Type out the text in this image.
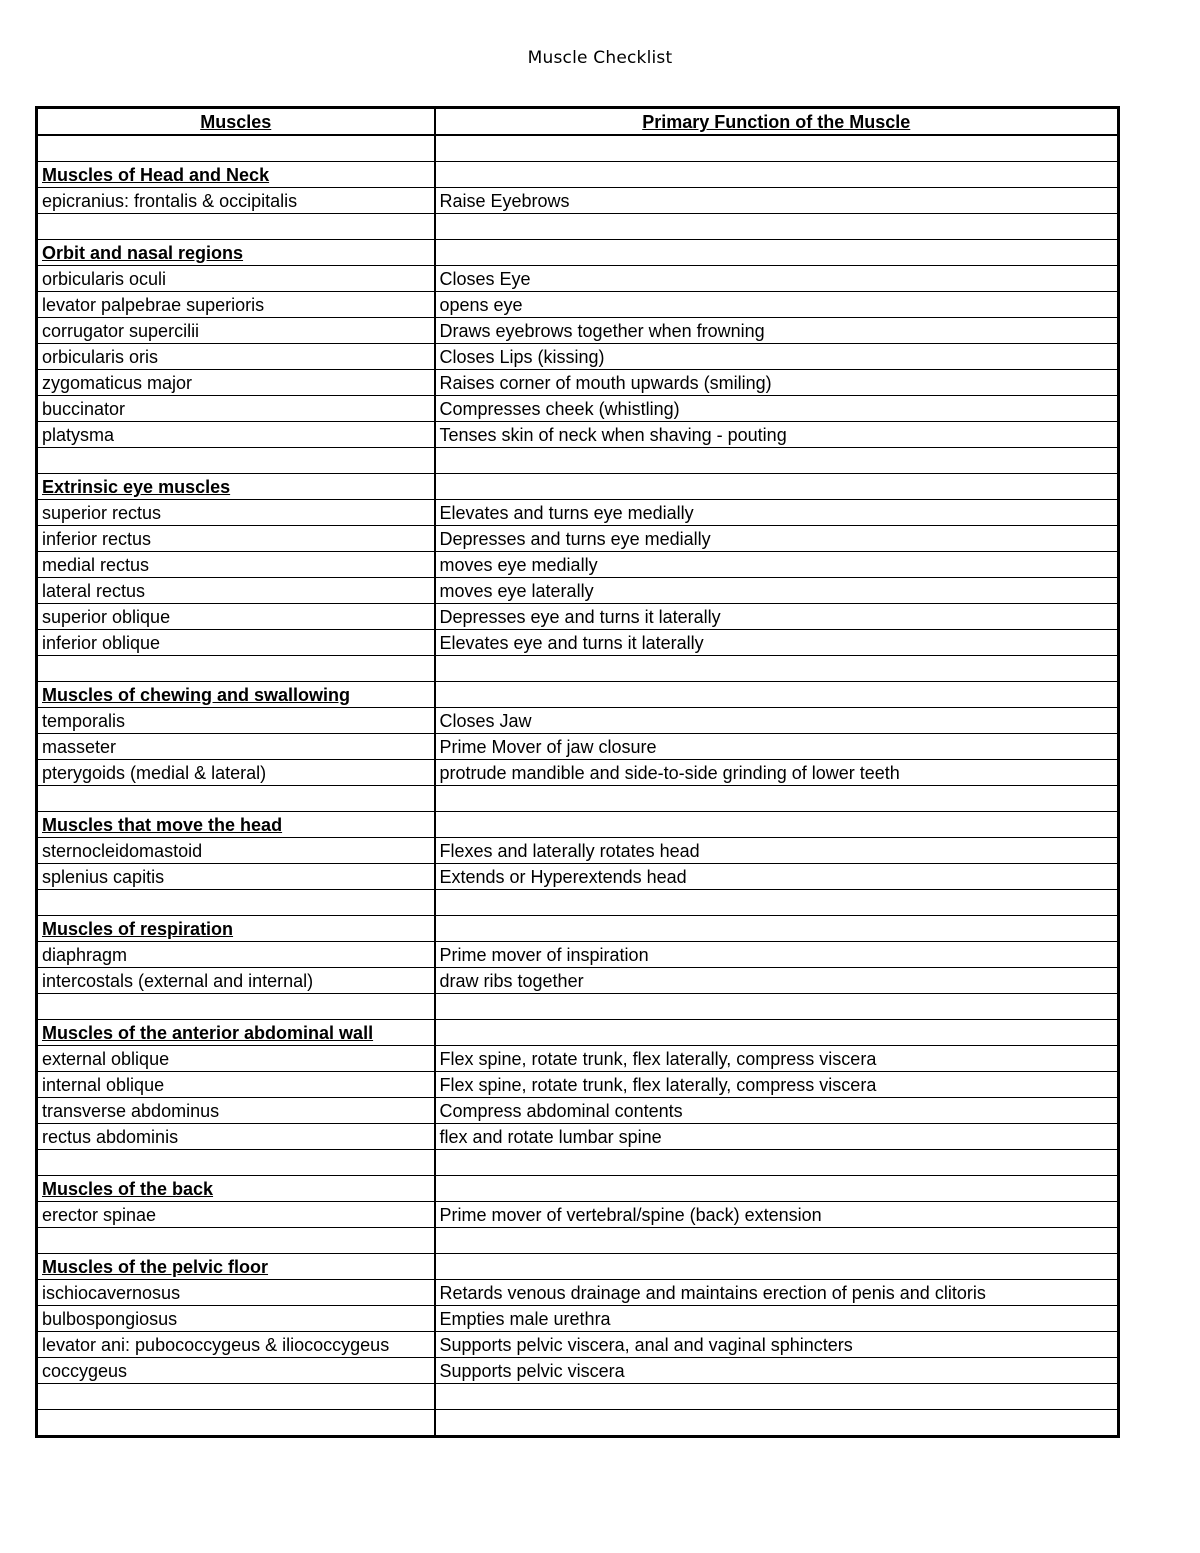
Muscle Checklist
Muscles	Primary Function of the Muscle

Muscles of Head and Neck	
epicranius: frontalis & occipitalis	Raise Eyebrows

Orbit and nasal regions	
orbicularis oculi	Closes Eye
levator palpebrae superioris	opens eye
corrugator supercilii	Draws eyebrows together when frowning
orbicularis oris	Closes Lips (kissing)
zygomaticus major	Raises corner of mouth upwards (smiling)
buccinator	Compresses cheek (whistling)
platysma	Tenses skin of neck when shaving - pouting

Extrinsic eye muscles	
superior rectus	Elevates and turns eye medially
inferior rectus	Depresses and turns eye medially
medial rectus	moves eye medially
lateral rectus	moves eye laterally
superior oblique	Depresses eye and turns it laterally
inferior oblique	Elevates eye and turns it laterally

Muscles of chewing and swallowing	
temporalis	Closes Jaw
masseter	Prime Mover of jaw closure
pterygoids (medial & lateral)	protrude mandible and side-to-side grinding of lower teeth

Muscles that move the head	
sternocleidomastoid	Flexes and laterally rotates head
splenius capitis	Extends or Hyperextends head

Muscles of respiration	
diaphragm	Prime mover of inspiration
intercostals (external and internal)	draw ribs together

Muscles of the anterior abdominal wall	
external oblique	Flex spine, rotate trunk, flex laterally, compress viscera
internal oblique	Flex spine, rotate trunk, flex laterally, compress viscera
transverse abdominus	Compress abdominal contents
rectus abdominis	flex and rotate lumbar spine

Muscles of the back	
erector spinae	Prime mover of vertebral/spine (back) extension

Muscles of the pelvic floor	
ischiocavernosus	Retards venous drainage and maintains erection of penis and clitoris
bulbospongiosus	Empties male urethra
levator ani: pubococcygeus & iliococcygeus	Supports pelvic viscera, anal and vaginal sphincters
coccygeus	Supports pelvic viscera
